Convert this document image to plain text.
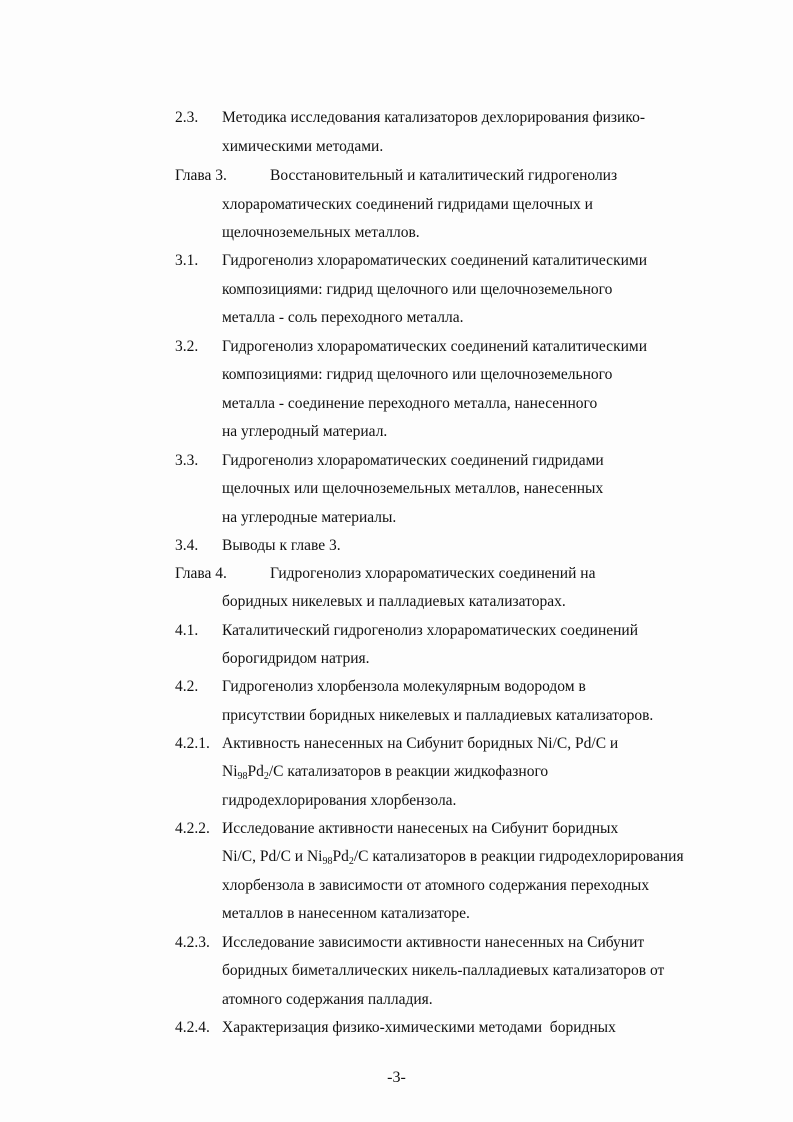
2.3. Методика исследования катализаторов дехлорирования физико-
химическими методами.
Глава 3.	Восстановительный и каталитический гидрогенолиз
хлорароматических соединений гидридами щелочных и
щелочноземельных металлов.
3.1. Гидрогенолиз хлорароматических соединений каталитическими
композициями: гидрид щелочного или щелочноземельного
металла - соль переходного металла.
3.2. Гидрогенолиз хлорароматических соединений каталитическими
композициями: гидрид щелочного или щелочноземельного
металла - соединение переходного металла, нанесенного
на углеродный материал.
3.3. Гидрогенолиз хлорароматических соединений гидридами
щелочных или щелочноземельных металлов, нанесенных
на углеродные материалы.
3.4. Выводы к главе 3.
Глава 4.	Гидрогенолиз хлорароматических соединений на
боридных никелевых и палладиевых катализаторах.
4.1. Каталитический гидрогенолиз хлорароматических соединений
борогидридом натрия.
4.2. Гидрогенолиз хлорбензола молекулярным водородом в
присутствии боридных никелевых и палладиевых катализаторов.
4.2.1. Активность нанесенных на Сибунит боридных Ni/C, Pd/C и
$Ni_{98}Pd_2/C$ катализаторов в реакции жидкофазного
гидродехлорирования хлорбензола.
4.2.2. Исследование активности нанесеных на Сибунит боридных
Ni/C, Pd/C и $Ni_{98}Pd_2/C$ катализаторов в реакции гидродехлорирования
хлорбензола в зависимости от атомного содержания переходных
металлов в нанесенном катализаторе.
4.2.3. Исследование зависимости активности нанесенных на Сибунит
боридных биметаллических никель-палладиевых катализаторов от
атомного содержания палладия.
4.2.4. Характеризация физико-химическими методами  боридных
-3-
